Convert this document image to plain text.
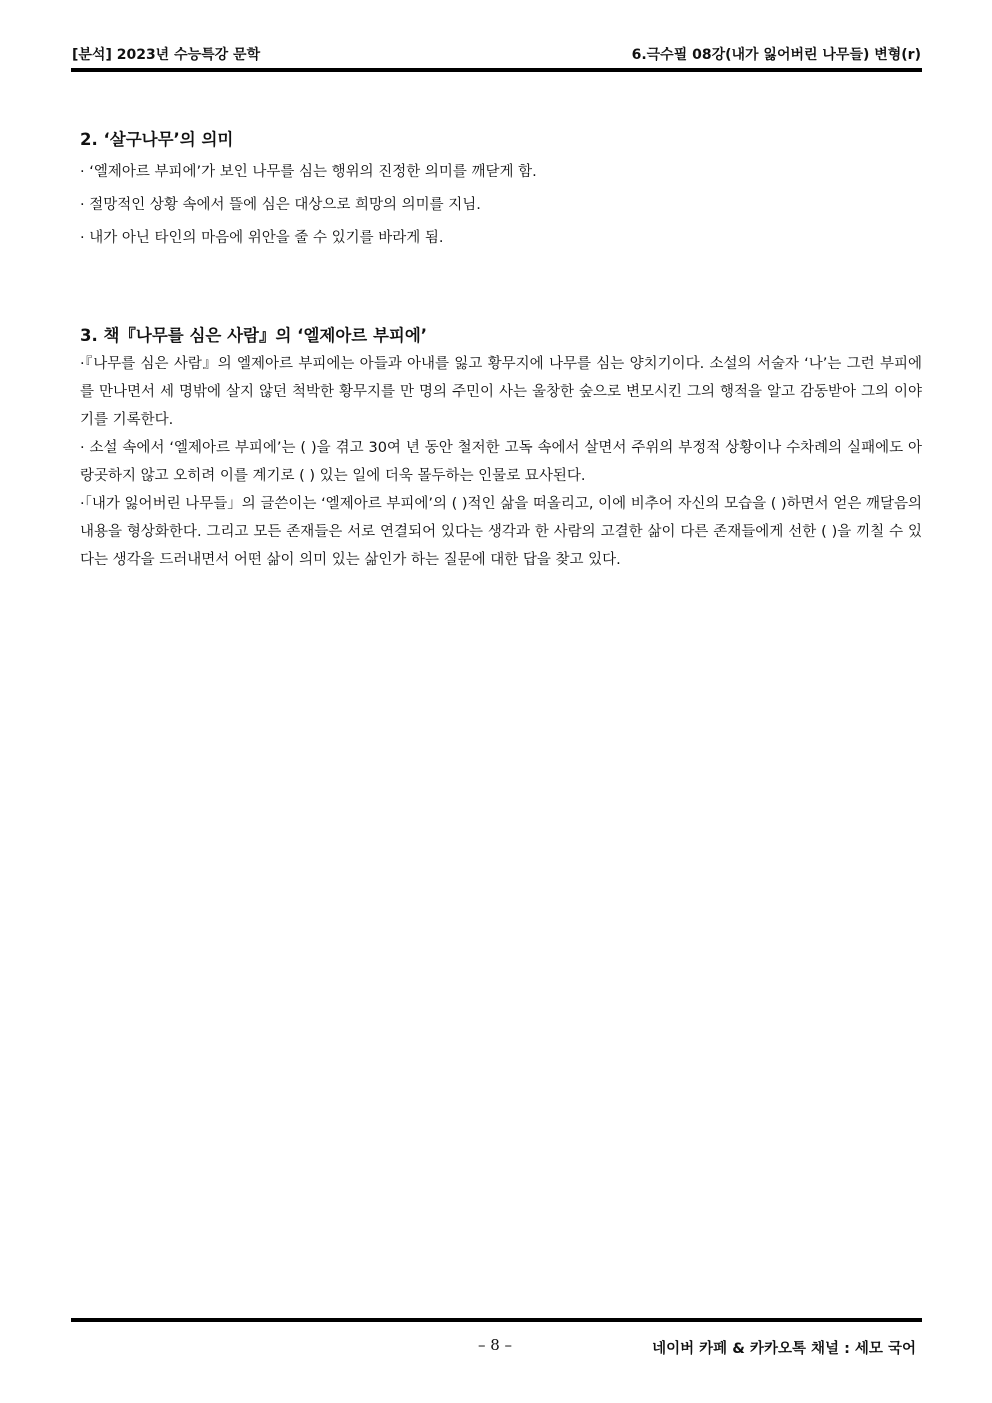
[분석] 2023년 수능특강 문학	6.극수필 08강(내가 잃어버린 나무들) 변형(r)

2. ‘살구나무’의 의미

· ‘엘제아르 부피에’가 보인 나무를 심는 행위의 진정한 의미를 깨닫게 함.

· 절망적인 상황 속에서 뜰에 심은 대상으로 희망의 의미를 지님.

· 내가 아닌 타인의 마음에 위안을 줄 수 있기를 바라게 됨.

3. 책『나무를 심은 사람』의 ‘엘제아르 부피에’

·『나무를 심은 사람』의 엘제아르 부피에는 아들과 아내를 잃고 황무지에 나무를 심는 양치기이다. 소설의 서술자 ‘나’는 그런 부피에를 만나면서 세 명밖에 살지 않던 척박한 황무지를 만 명의 주민이 사는 울창한 숲으로 변모시킨 그의 행적을 알고 감동받아 그의 이야기를 기록한다.

· 소설 속에서 ‘엘제아르 부피에’는 ( )을 겪고 30여 년 동안 철저한 고독 속에서 살면서 주위의 부정적 상황이나 수차례의 실패에도 아랑곳하지 않고 오히려 이를 계기로 ( ) 있는 일에 더욱 몰두하는 인물로 묘사된다.

·「내가 잃어버린 나무들」의 글쓴이는 ‘엘제아르 부피에’의 ( )적인 삶을 떠올리고, 이에 비추어 자신의 모습을 ( )하면서 얻은 깨달음의 내용을 형상화한다. 그리고 모든 존재들은 서로 연결되어 있다는 생각과 한 사람의 고결한 삶이 다른 존재들에게 선한 ( )을 끼칠 수 있다는 생각을 드러내면서 어떤 삶이 의미 있는 삶인가 하는 질문에 대한 답을 찾고 있다.

– 8 –	네이버 카페 & 카카오톡 채널 : 세모 국어
